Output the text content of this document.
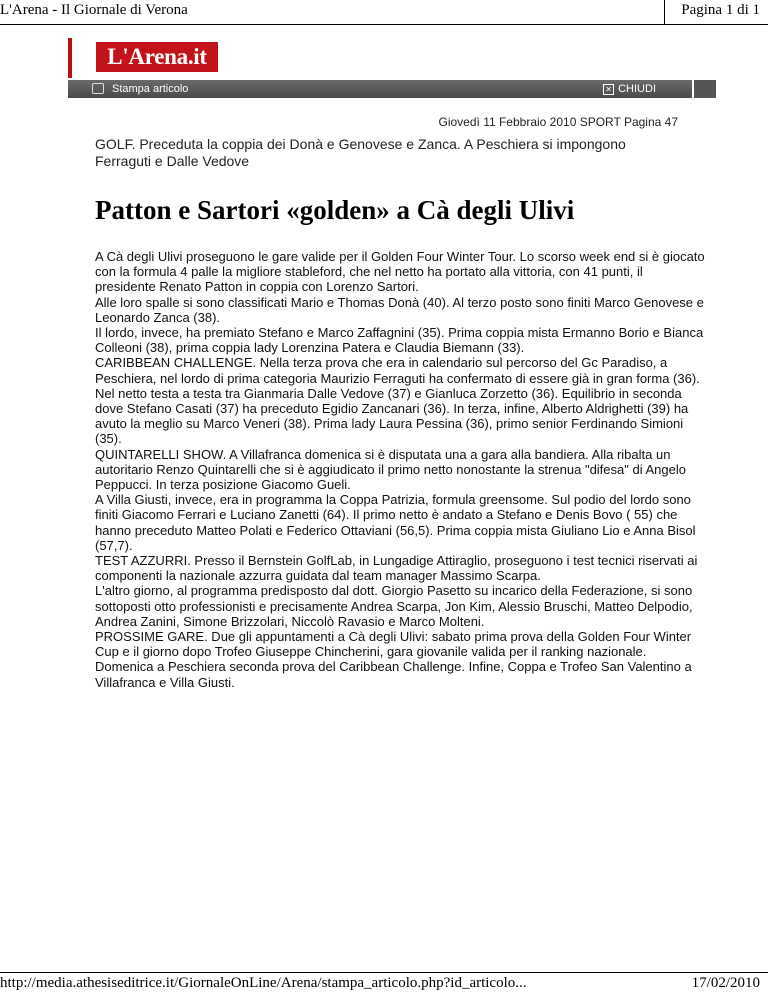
L'Arena - Il Giornale di Verona	Pagina 1 di 1
L'Arena.it
Stampa articolo	✕ CHIUDI
Giovedì 11 Febbraio 2010 SPORT Pagina 47
GOLF. Preceduta la coppia dei Donà e Genovese e Zanca. A Peschiera si impongono Ferraguti e Dalle Vedove
Patton e Sartori «golden» a Cà degli Ulivi

A Cà degli Ulivi proseguono le gare valide per il Golden Four Winter Tour. Lo scorso week end si è giocato con la formula 4 palle la migliore stableford, che nel netto ha portato alla vittoria, con 41 punti, il presidente Renato Patton in coppia con Lorenzo Sartori.

Alle loro spalle si sono classificati Mario e Thomas Donà (40). Al terzo posto sono finiti Marco Genovese e Leonardo Zanca (38).

Il lordo, invece, ha premiato Stefano e Marco Zaffagnini (35). Prima coppia mista Ermanno Borio e Bianca Colleoni (38), prima coppia lady Lorenzina Patera e Claudia Biemann (33).

CARIBBEAN CHALLENGE. Nella terza prova che era in calendario sul percorso del Gc Paradiso, a Peschiera, nel lordo di prima categoria Maurizio Ferraguti ha confermato di essere già in gran forma (36). Nel netto testa a testa tra Gianmaria Dalle Vedove (37) e Gianluca Zorzetto (36). Equilibrio in seconda dove Stefano Casati (37) ha preceduto Egidio Zancanari (36). In terza, infine, Alberto Aldrighetti (39) ha avuto la meglio su Marco Veneri (38). Prima lady Laura Pessina (36), primo senior Ferdinando Simioni (35).

QUINTARELLI SHOW. A Villafranca domenica si è disputata una a gara alla bandiera. Alla ribalta un autoritario Renzo Quintarelli che si è aggiudicato il primo netto nonostante la strenua "difesa" di Angelo Peppucci. In terza posizione Giacomo Gueli.

A Villa Giusti, invece, era in programma la Coppa Patrizia, formula greensome. Sul podio del lordo sono finiti Giacomo Ferrari e Luciano Zanetti (64). Il primo netto è andato a Stefano e Denis Bovo ( 55) che hanno preceduto Matteo Polati e Federico Ottaviani (56,5). Prima coppia mista Giuliano Lio e Anna Bisol (57,7).

TEST AZZURRI. Presso il Bernstein GolfLab, in Lungadige Attiraglio, proseguono i test tecnici riservati ai componenti la nazionale azzurra guidata dal team manager Massimo Scarpa.

L'altro giorno, al programma predisposto dal dott. Giorgio Pasetto su incarico della Federazione, si sono sottoposti otto professionisti e precisamente Andrea Scarpa, Jon Kim, Alessio Bruschi, Matteo Delpodio, Andrea Zanini, Simone Brizzolari, Niccolò Ravasio e Marco Molteni.

PROSSIME GARE. Due gli appuntamenti a Cà degli Ulivi: sabato prima prova della Golden Four Winter Cup e il giorno dopo Trofeo Giuseppe Chincherini, gara giovanile valida per il ranking nazionale. Domenica a Peschiera seconda prova del Caribbean Challenge. Infine, Coppa e Trofeo San Valentino a Villafranca e Villa Giusti.

http://media.athesiseditrice.it/GiornaleOnLine/Arena/stampa_articolo.php?id_articolo...	17/02/2010
